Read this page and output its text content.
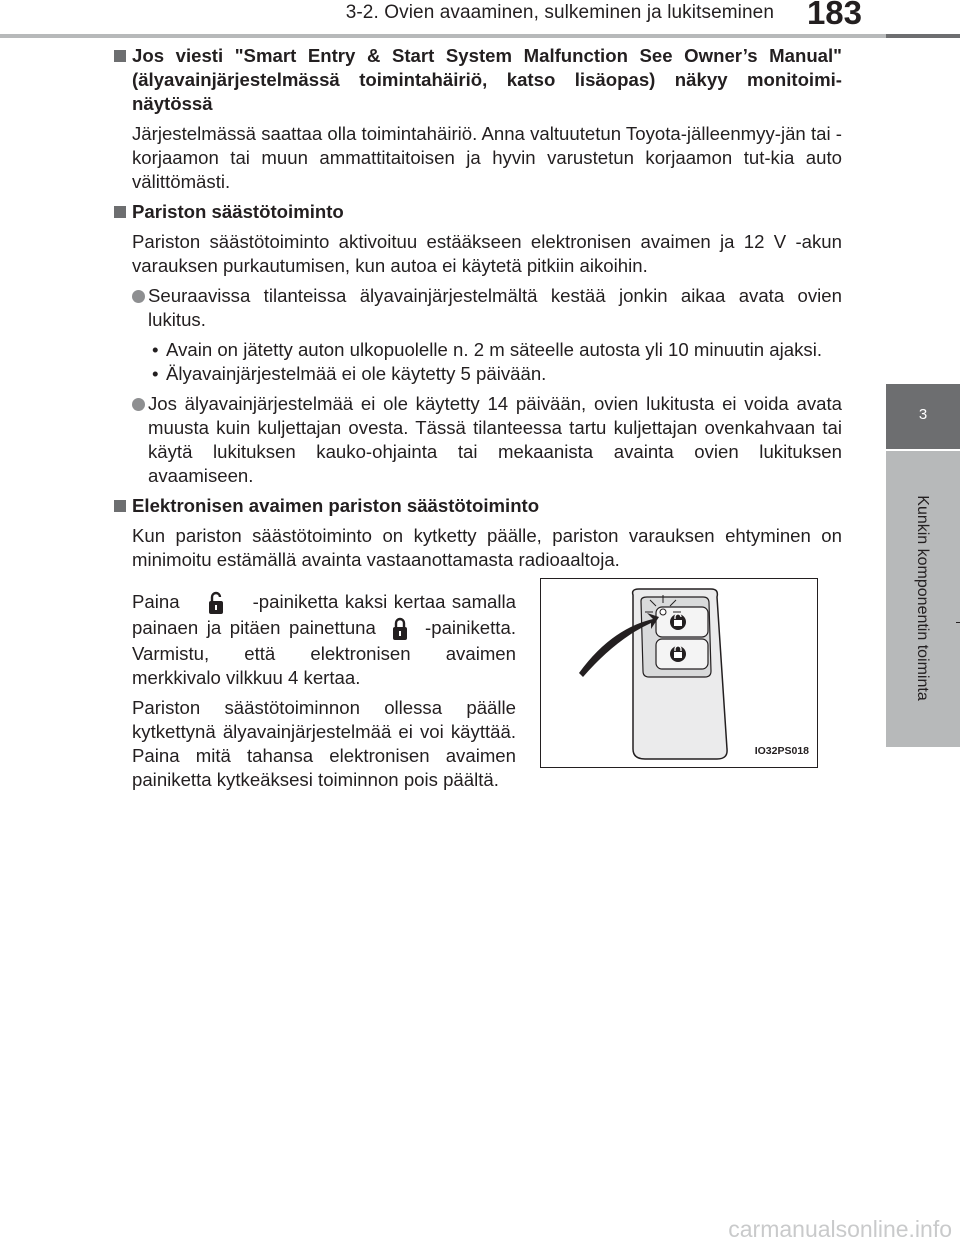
3-2. Ovien avaaminen, sulkeminen ja lukitseminen 183
3
Kunkin komponentin toiminta
Jos viesti "Smart Entry & Start System Malfunction See Owner’s Manual" (älyavainjärjestelmässä toimintahäiriö, katso lisäopas) näkyy monitoimi-näytössä
Järjestelmässä saattaa olla toimintahäiriö. Anna valtuutetun Toyota-jälleenmyy-jän tai -korjaamon tai muun ammattitaitoisen ja hyvin varustetun korjaamon tut-kia auto välittömästi.
Pariston säästötoiminto
Pariston säästötoiminto aktivoituu estääkseen elektronisen avaimen ja 12 V -akun varauksen purkautumisen, kun autoa ei käytetä pitkiin aikoihin.
Seuraavissa tilanteissa älyavainjärjestelmältä kestää jonkin aikaa avata ovien lukitus.
• Avain on jätetty auton ulkopuolelle n. 2 m säteelle autosta yli 10 minuutin ajaksi.
• Älyavainjärjestelmää ei ole käytetty 5 päivään.
Jos älyavainjärjestelmää ei ole käytetty 14 päivään, ovien lukitusta ei voida avata muusta kuin kuljettajan ovesta. Tässä tilanteessa tartu kuljettajan ovenkahvaan tai käytä lukituksen kauko-ohjainta tai mekaanista avainta ovien lukituksen avaamiseen.
Elektronisen avaimen pariston säästötoiminto
Kun pariston säästötoiminto on kytketty päälle, pariston varauksen ehtyminen on minimoitu estämällä avainta vastaanottamasta radioaaltoja.

Paina	-painiketta kaksi kertaa samalla painaen ja pitäen painettuna	-painiketta. Varmistu, että elektronisen avaimen merkkivalo vilkkuu 4 kertaa.

Pariston säästötoiminnon ollessa päälle kytkettynä älyavainjärjestelmää ei voi käyttää. Paina mitä tahansa elektronisen avaimen painiketta kytkeäksesi toiminnon pois päältä.

IO32PS018
carmanualsonline.info
